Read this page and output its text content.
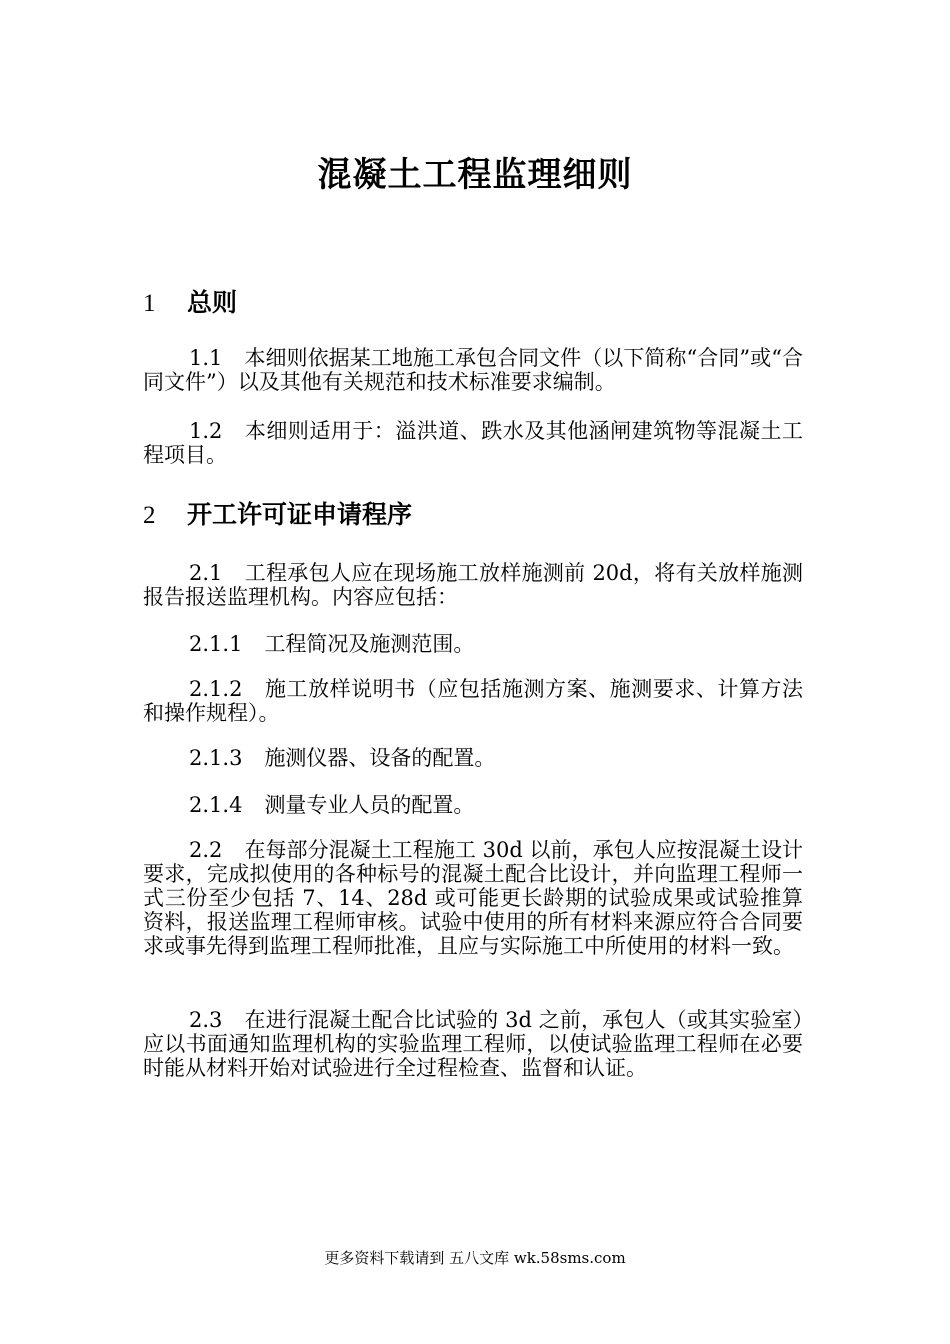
混凝土工程监理细则
1 总则

1.1 本细则依据某工地施工承包合同文件（以下简称“合同”或“合同文件”）以及其他有关规范和技术标准要求编制。

1.2 本细则适用于：溢洪道、跌水及其他涵闸建筑物等混凝土工程项目。

2 开工许可证申请程序

2.1 工程承包人应在现场施工放样施测前 20d，将有关放样施测报告报送监理机构。内容应包括：

2.1.1 工程简况及施测范围。

2.1.2 施工放样说明书（应包括施测方案、施测要求、计算方法和操作规程）。

2.1.3 施测仪器、设备的配置。

2.1.4 测量专业人员的配置。

2.2 在每部分混凝土工程施工 30d 以前，承包人应按混凝土设计要求，完成拟使用的各种标号的混凝土配合比设计，并向监理工程师一式三份至少包括 7、14、28d 或可能更长龄期的试验成果或试验推算资料，报送监理工程师审核。试验中使用的所有材料来源应符合合同要求或事先得到监理工程师批准，且应与实际施工中所使用的材料一致。

2.3 在进行混凝土配合比试验的 3d 之前，承包人（或其实验室）应以书面通知监理机构的实验监理工程师，以使试验监理工程师在必要时能从材料开始对试验进行全过程检查、监督和认证。

更多资料下载请到 五八文库 wk.58sms.com
